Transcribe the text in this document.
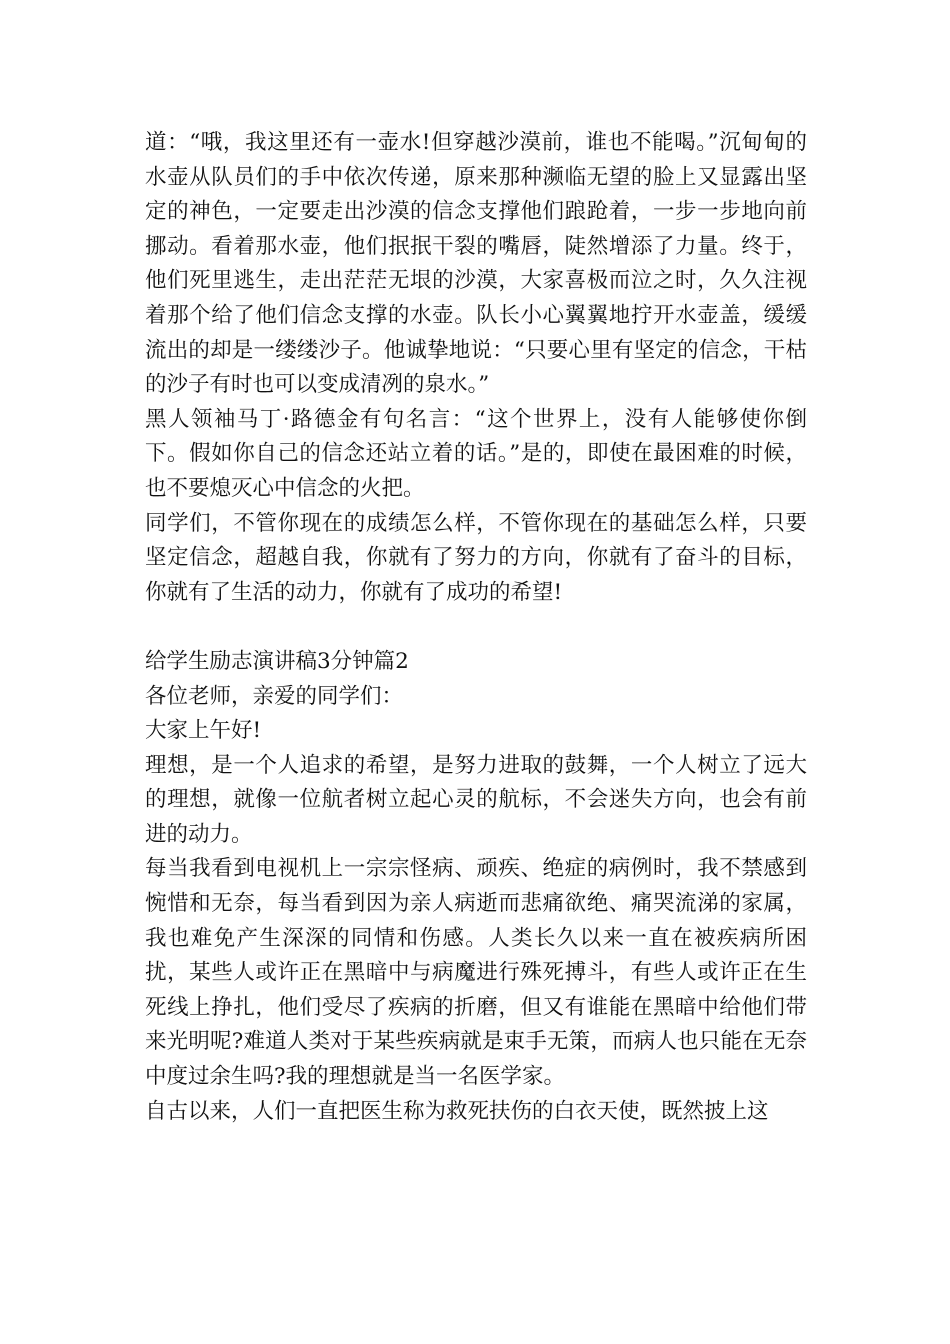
道：“哦，我这里还有一壶水!但穿越沙漠前，谁也不能喝。”沉甸甸的水壶从队员们的手中依次传递，原来那种濒临无望的脸上又显露出坚定的神色，一定要走出沙漠的信念支撑他们踉跄着，一步一步地向前挪动。看着那水壶，他们抿抿干裂的嘴唇，陡然增添了力量。终于，他们死里逃生，走出茫茫无垠的沙漠，大家喜极而泣之时，久久注视着那个给了他们信念支撑的水壶。队长小心翼翼地拧开水壶盖，缓缓流出的却是一缕缕沙子。他诚挚地说：“只要心里有坚定的信念，干枯的沙子有时也可以变成清冽的泉水。”

黑人领袖马丁·路德金有句名言：“这个世界上，没有人能够使你倒下。假如你自己的信念还站立着的话。”是的，即使在最困难的时候，也不要熄灭心中信念的火把。

同学们，不管你现在的成绩怎么样，不管你现在的基础怎么样，只要坚定信念，超越自我，你就有了努力的方向，你就有了奋斗的目标，你就有了生活的动力，你就有了成功的希望!

给学生励志演讲稿3分钟篇2

各位老师，亲爱的同学们：

大家上午好!

理想，是一个人追求的希望，是努力进取的鼓舞，一个人树立了远大的理想，就像一位航者树立起心灵的航标，不会迷失方向，也会有前进的动力。

每当我看到电视机上一宗宗怪病、顽疾、绝症的病例时，我不禁感到惋惜和无奈，每当看到因为亲人病逝而悲痛欲绝、痛哭流涕的家属，我也难免产生深深的同情和伤感。人类长久以来一直在被疾病所困扰，某些人或许正在黑暗中与病魔进行殊死搏斗，有些人或许正在生死线上挣扎，他们受尽了疾病的折磨，但又有谁能在黑暗中给他们带来光明呢?难道人类对于某些疾病就是束手无策，而病人也只能在无奈中度过余生吗?我的理想就是当一名医学家。

自古以来，人们一直把医生称为救死扶伤的白衣天使，既然披上这
